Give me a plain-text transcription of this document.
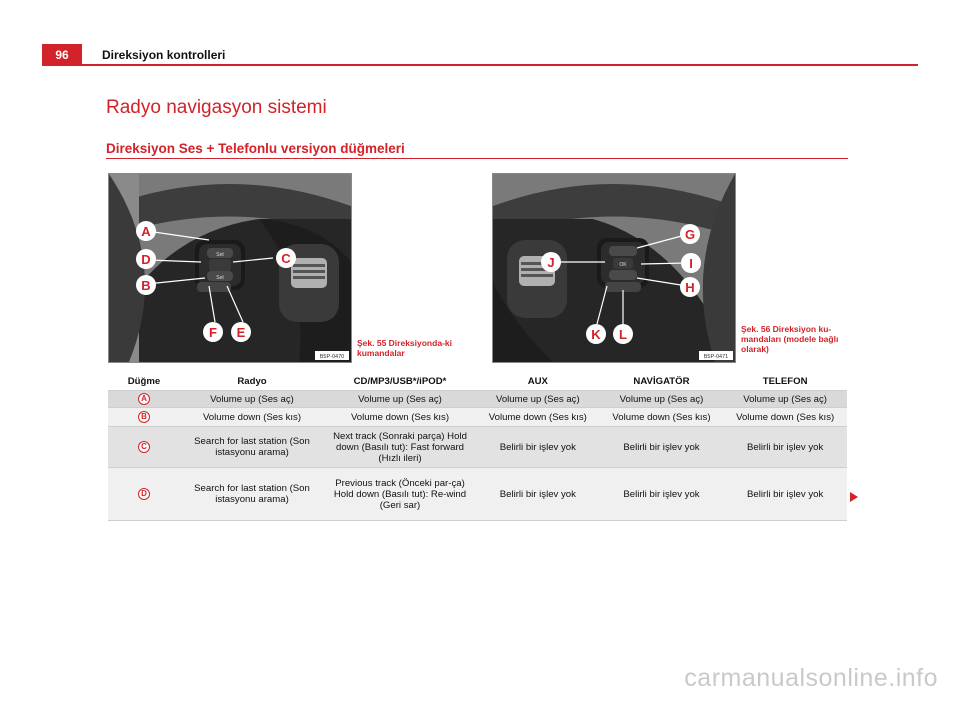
96	Direksiyon kontrolleri
Radyo navigasyon sistemi
Direksiyon Ses + Telefonlu versiyon düğmeleri
Set
Set
A
D
B
C
F E
B5P-0470
Şek. 55 Direksiyonda-ki kumandalar
OK
G
J	I
H
K L
B5P-0471
Şek. 56 Direksiyon ku-mandaları (modele bağlı olarak)
Düğme	Radyo	CD/MP3/USB*/iPOD*	AUX	NAVİGATÖR	TELEFON
A	Volume up (Ses aç)	Volume up (Ses aç)	Volume up (Ses aç)	Volume up (Ses aç)	Volume up (Ses aç)
B	Volume down (Ses kıs)	Volume down (Ses kıs)	Volume down (Ses kıs)	Volume down (Ses kıs)	Volume down (Ses kıs)
C	Search for last station (Son istasyonu arama)	Next track (Sonraki parça) Hold down (Basılı tut): Fast forward (Hızlı ileri)	Belirli bir işlev yok	Belirli bir işlev yok	Belirli bir işlev yok
D	Search for last station (Son istasyonu arama)	Previous track (Önceki par-ça) Hold down (Basılı tut): Re-wind (Geri sar)	Belirli bir işlev yok	Belirli bir işlev yok	Belirli bir işlev yok
carmanualsonline.info
